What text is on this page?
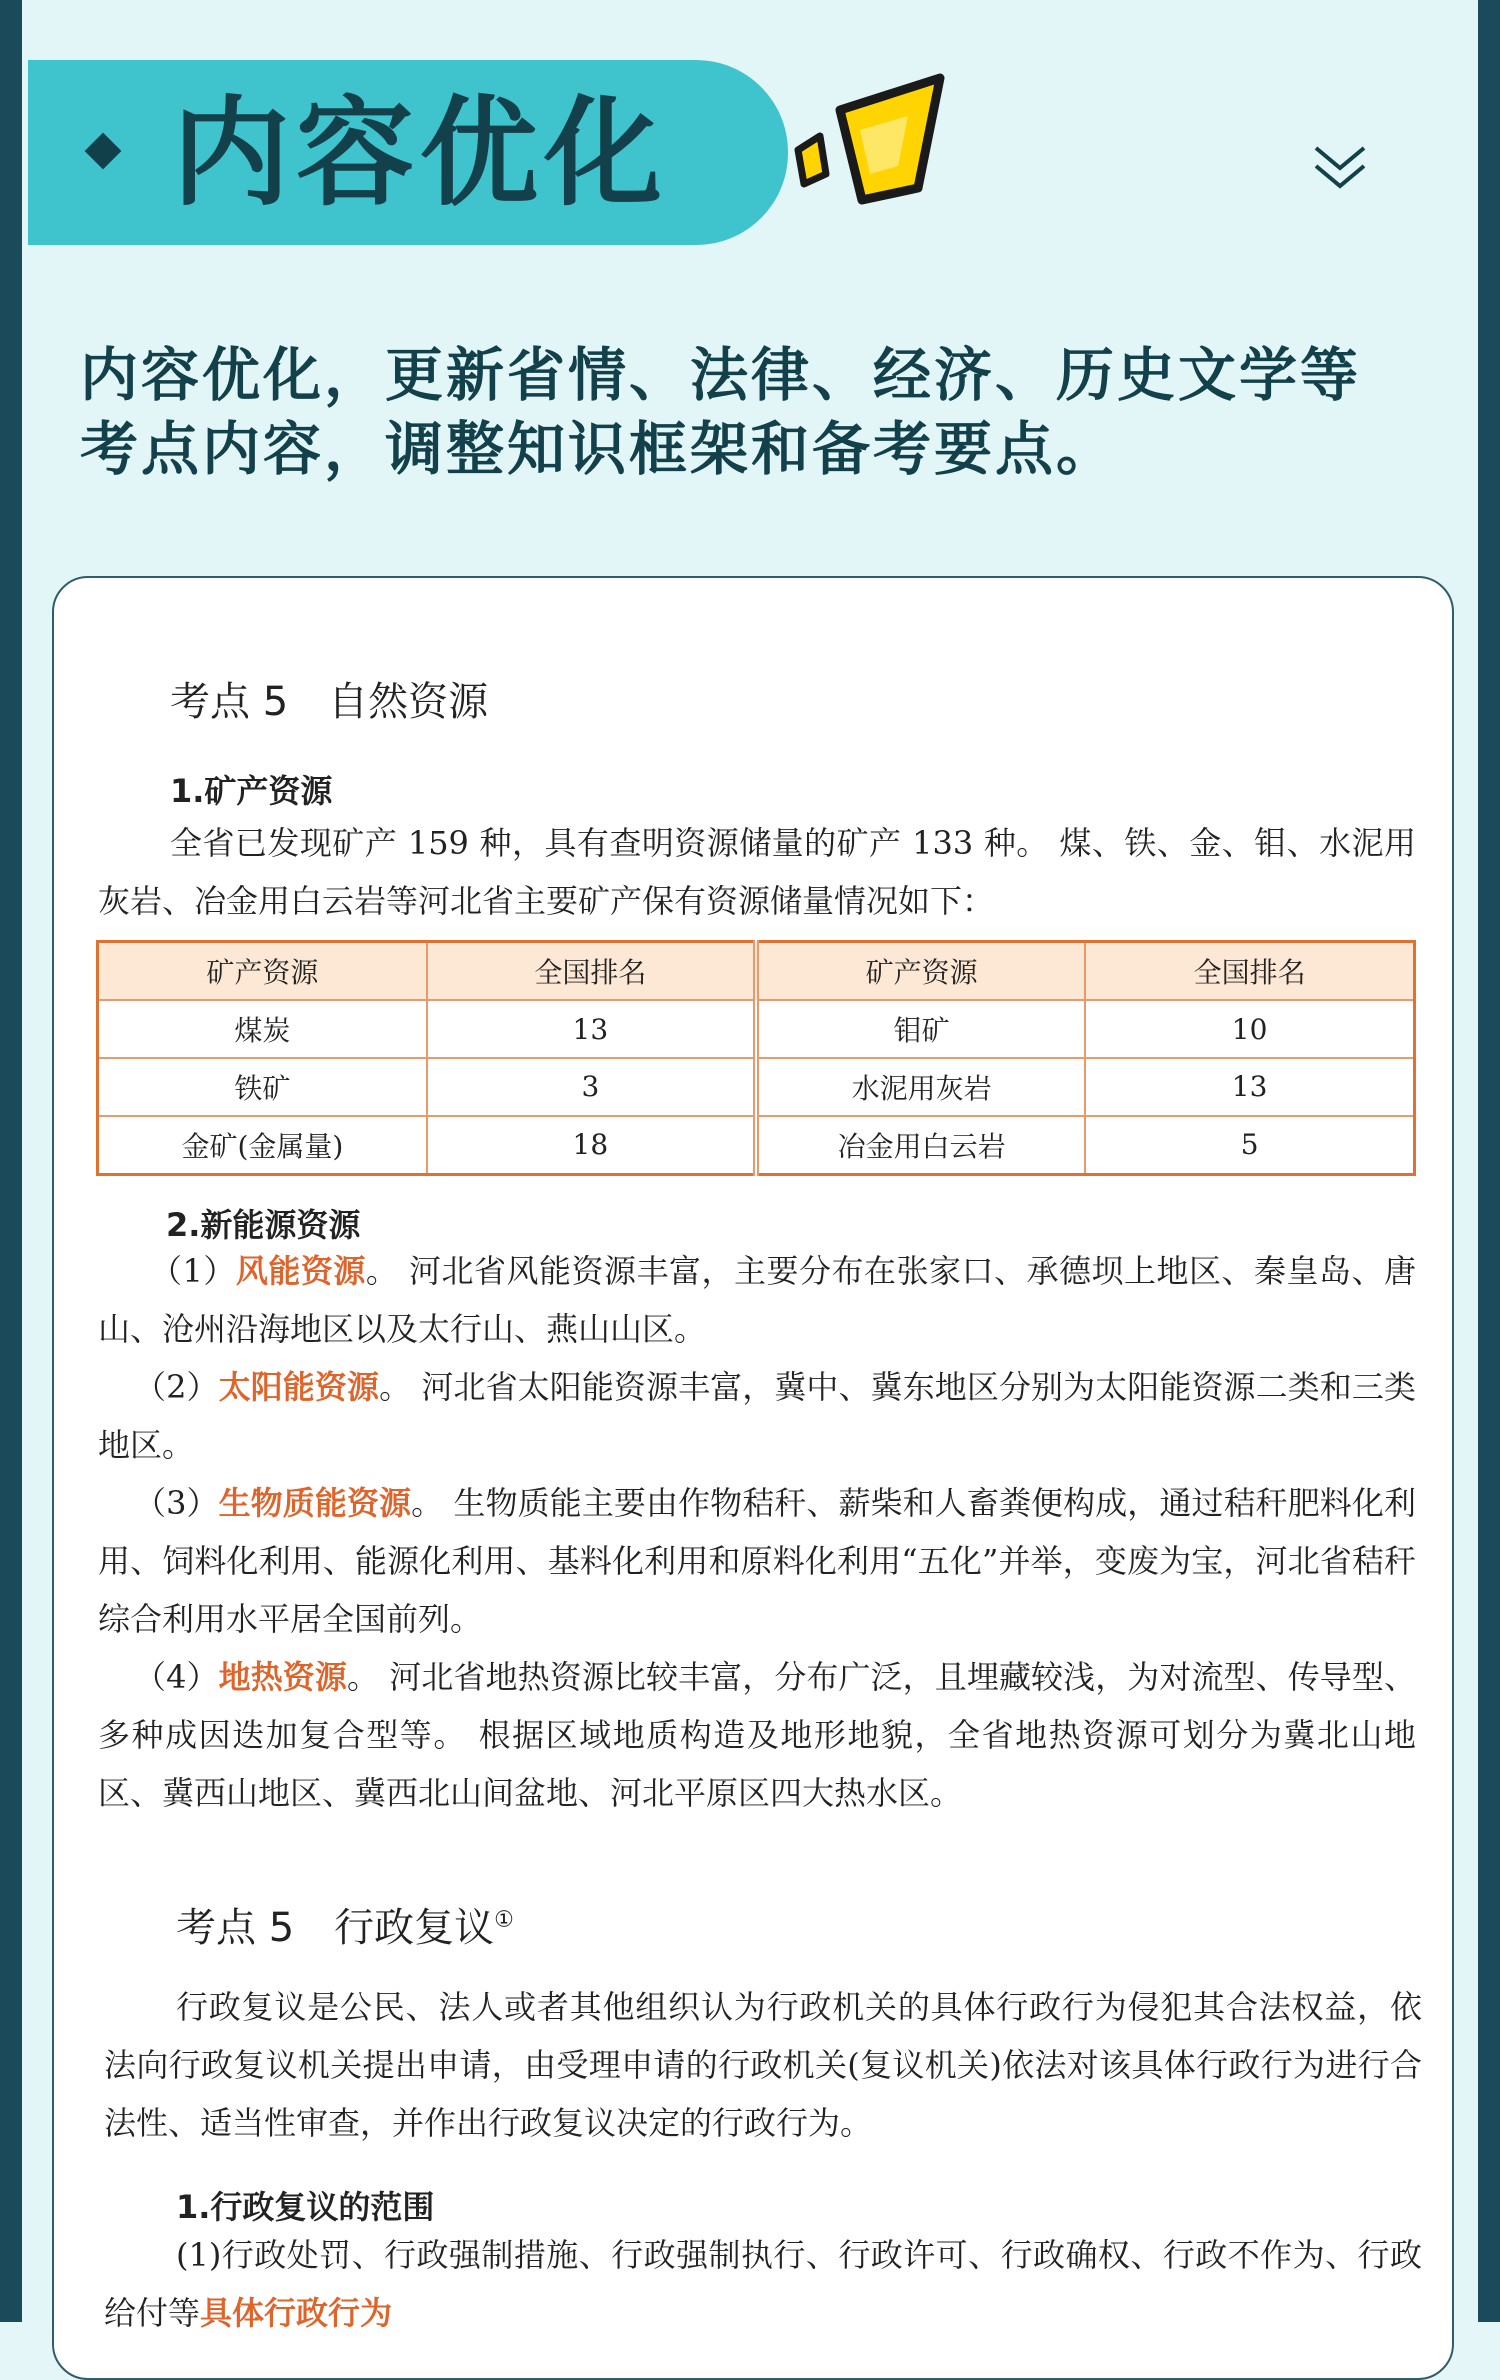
内容优化
内容优化，更新省情、法律、经济、历史文学等
考点内容，调整知识框架和备考要点。
考点 5　自然资源
1.矿产资源
全省已发现矿产 159 种，具有查明资源储量的矿产 133 种。 煤、铁、金、钼、水泥用灰岩、冶金用白云岩等河北省主要矿产保有资源储量情况如下：
矿产资源	全国排名	矿产资源	全国排名
煤炭	13	钼矿	10
铁矿	3	水泥用灰岩	13
金矿(金属量)	18	冶金用白云岩	5
2.新能源资源
（1）风能资源。 河北省风能资源丰富，主要分布在张家口、承德坝上地区、秦皇岛、唐山、沧州沿海地区以及太行山、燕山山区。
（2）太阳能资源。 河北省太阳能资源丰富，冀中、冀东地区分别为太阳能资源二类和三类地区。
（3）生物质能资源。 生物质能主要由作物秸秆、薪柴和人畜粪便构成，通过秸秆肥料化利用、饲料化利用、能源化利用、基料化利用和原料化利用“五化”并举，变废为宝，河北省秸秆综合利用水平居全国前列。
（4）地热资源。 河北省地热资源比较丰富，分布广泛，且埋藏较浅，为对流型、传导型、多种成因迭加复合型等。 根据区域地质构造及地形地貌，全省地热资源可划分为冀北山地区、冀西山地区、冀西北山间盆地、河北平原区四大热水区。
考点 5　行政复议①
行政复议是公民、法人或者其他组织认为行政机关的具体行政行为侵犯其合法权益，依法向行政复议机关提出申请，由受理申请的行政机关(复议机关)依法对该具体行政行为进行合法性、适当性审查，并作出行政复议决定的行政行为。
1.行政复议的范围
(1)行政处罚、行政强制措施、行政强制执行、行政许可、行政确权、行政不作为、行政给付等具体行政行为
